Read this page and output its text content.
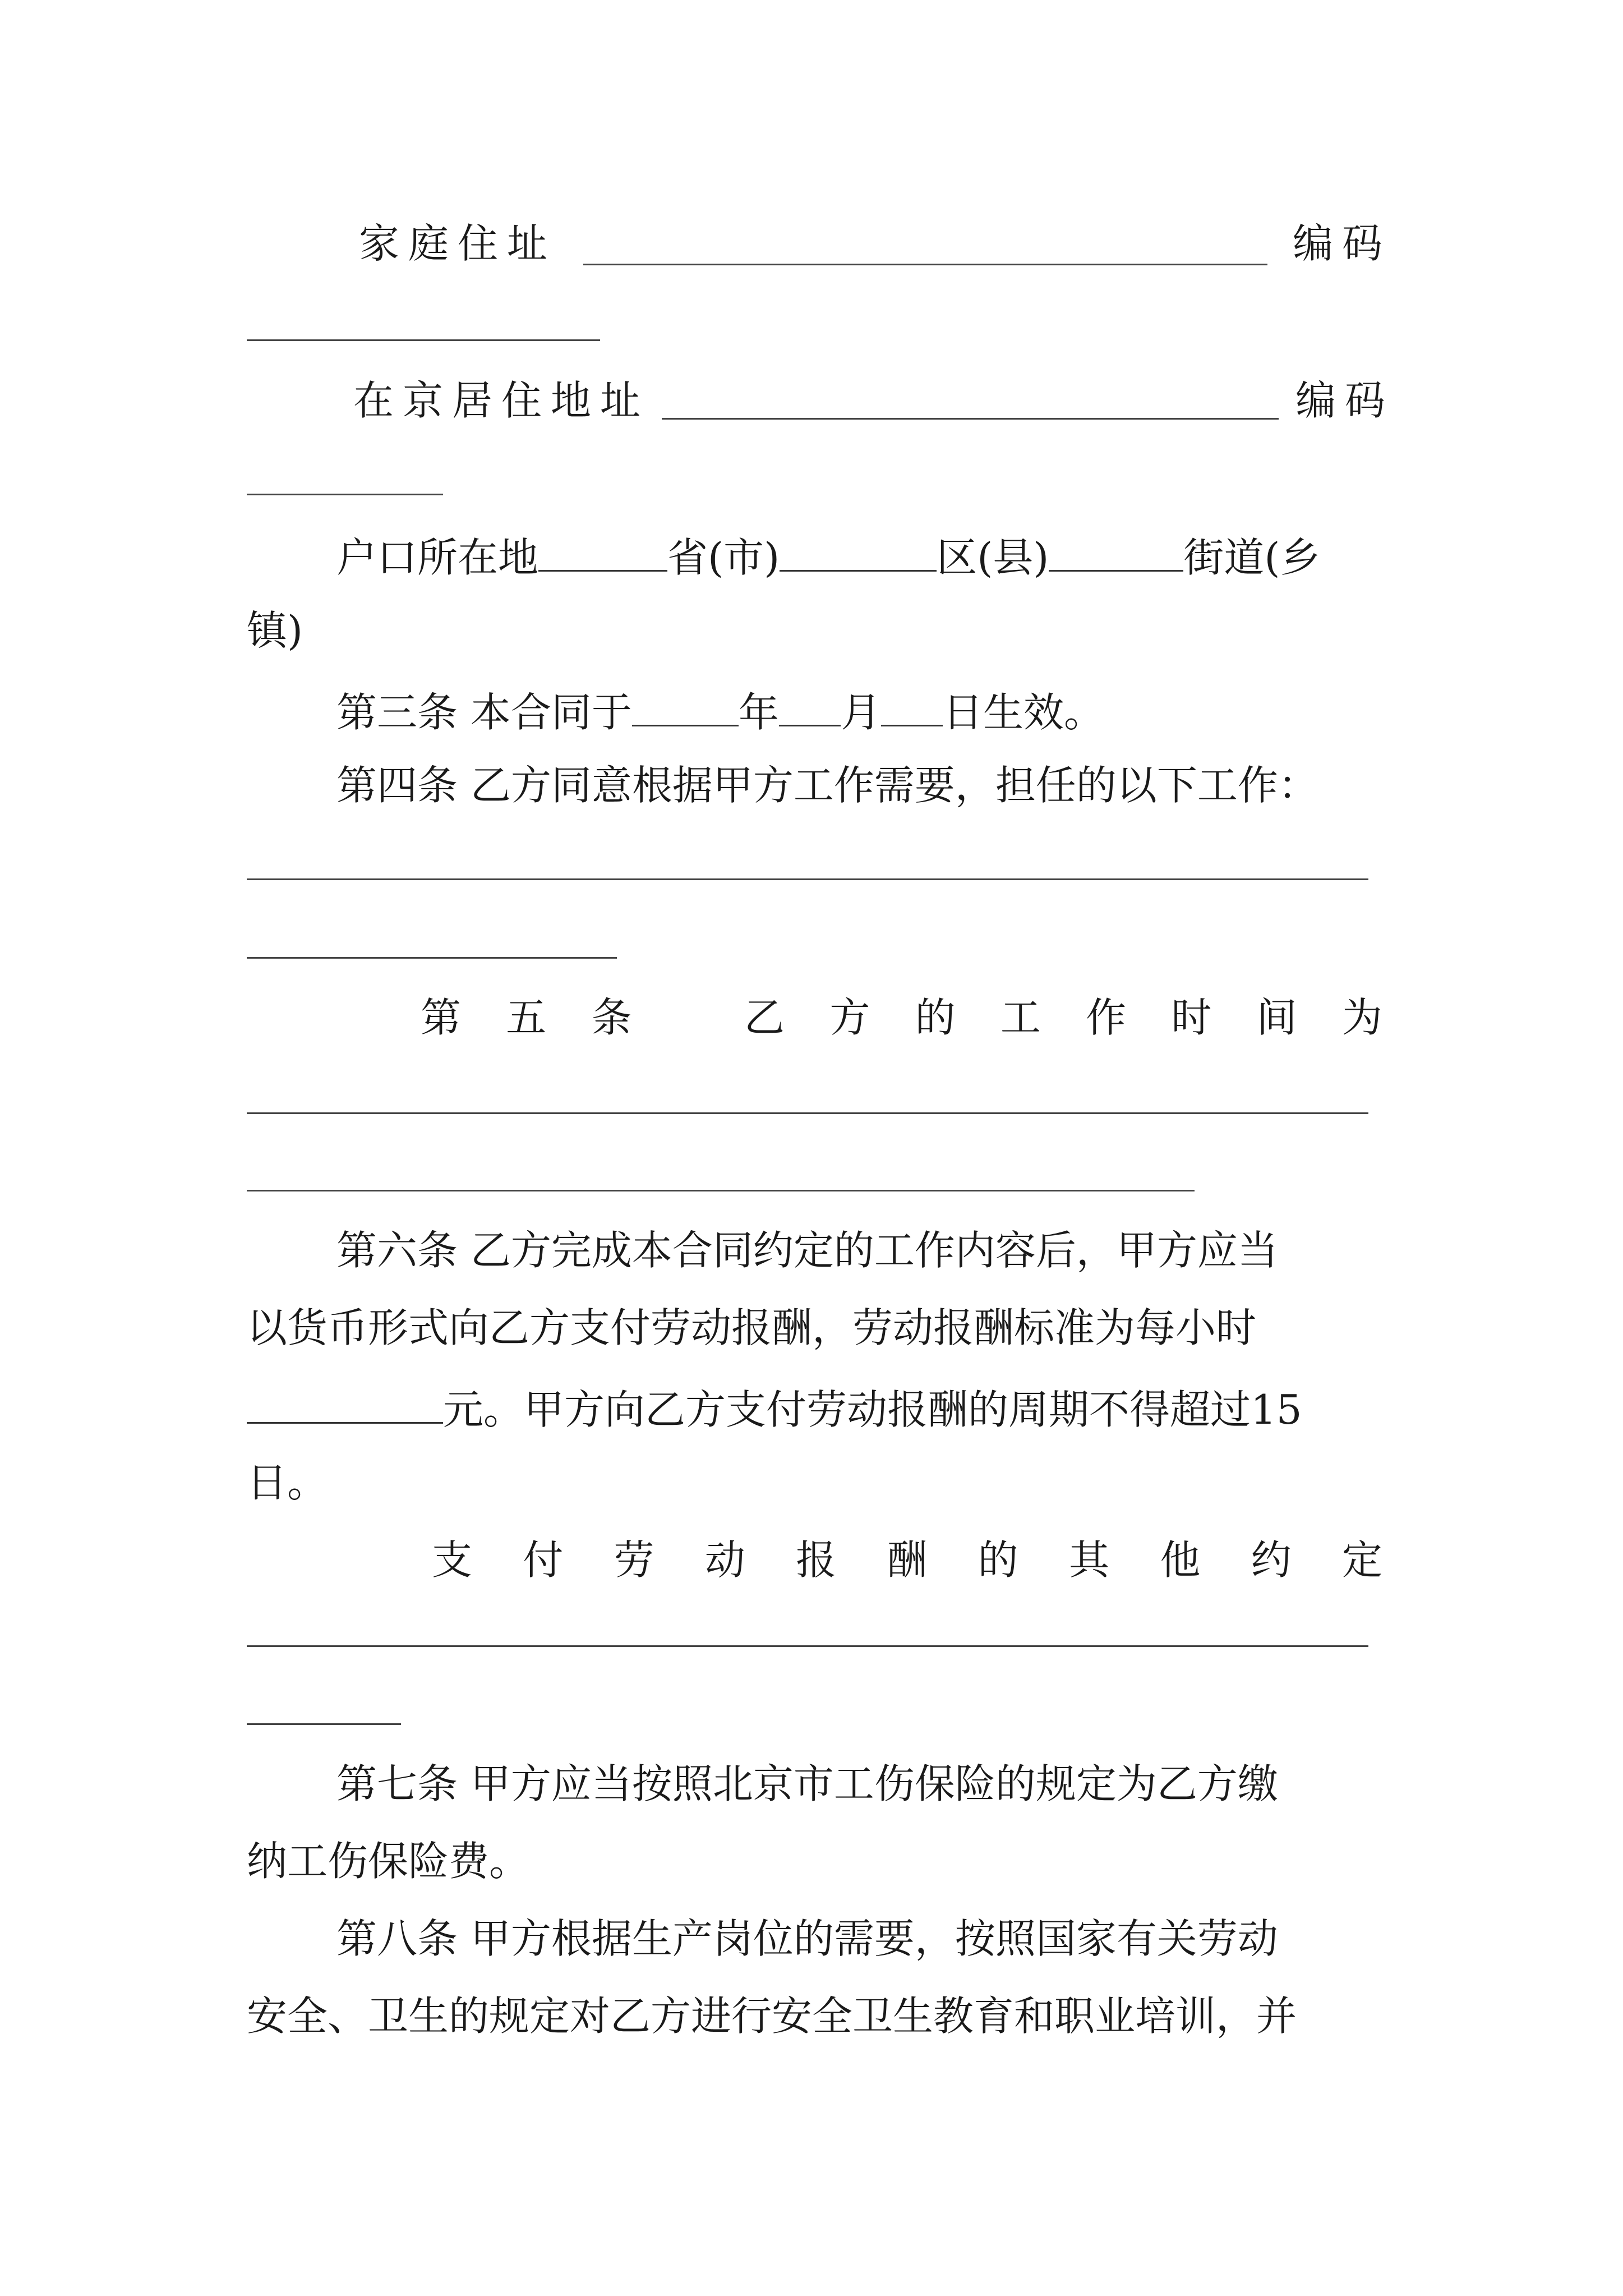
家庭住址	编码
在京居住地址	编码
户口所在地	省(市)	区(县)	街道(乡
镇)
第三条 本合同于	年 月 日生效。
第四条 乙方同意根据甲方工作需要，担任的以下工作：
第 五 条	乙 方 的 工 作 时 间 为
第六条 乙方完成本合同约定的工作内容后，甲方应当
以货币形式向乙方支付劳动报酬，劳动报酬标准为每小时
元。甲方向乙方支付劳动报酬的周期不得超过15
日。
支 付 劳 动 报 酬 的 其 他 约 定
第七条 甲方应当按照北京市工伤保险的规定为乙方缴
纳工伤保险费。
第八条 甲方根据生产岗位的需要，按照国家有关劳动
安全、卫生的规定对乙方进行安全卫生教育和职业培训，并
